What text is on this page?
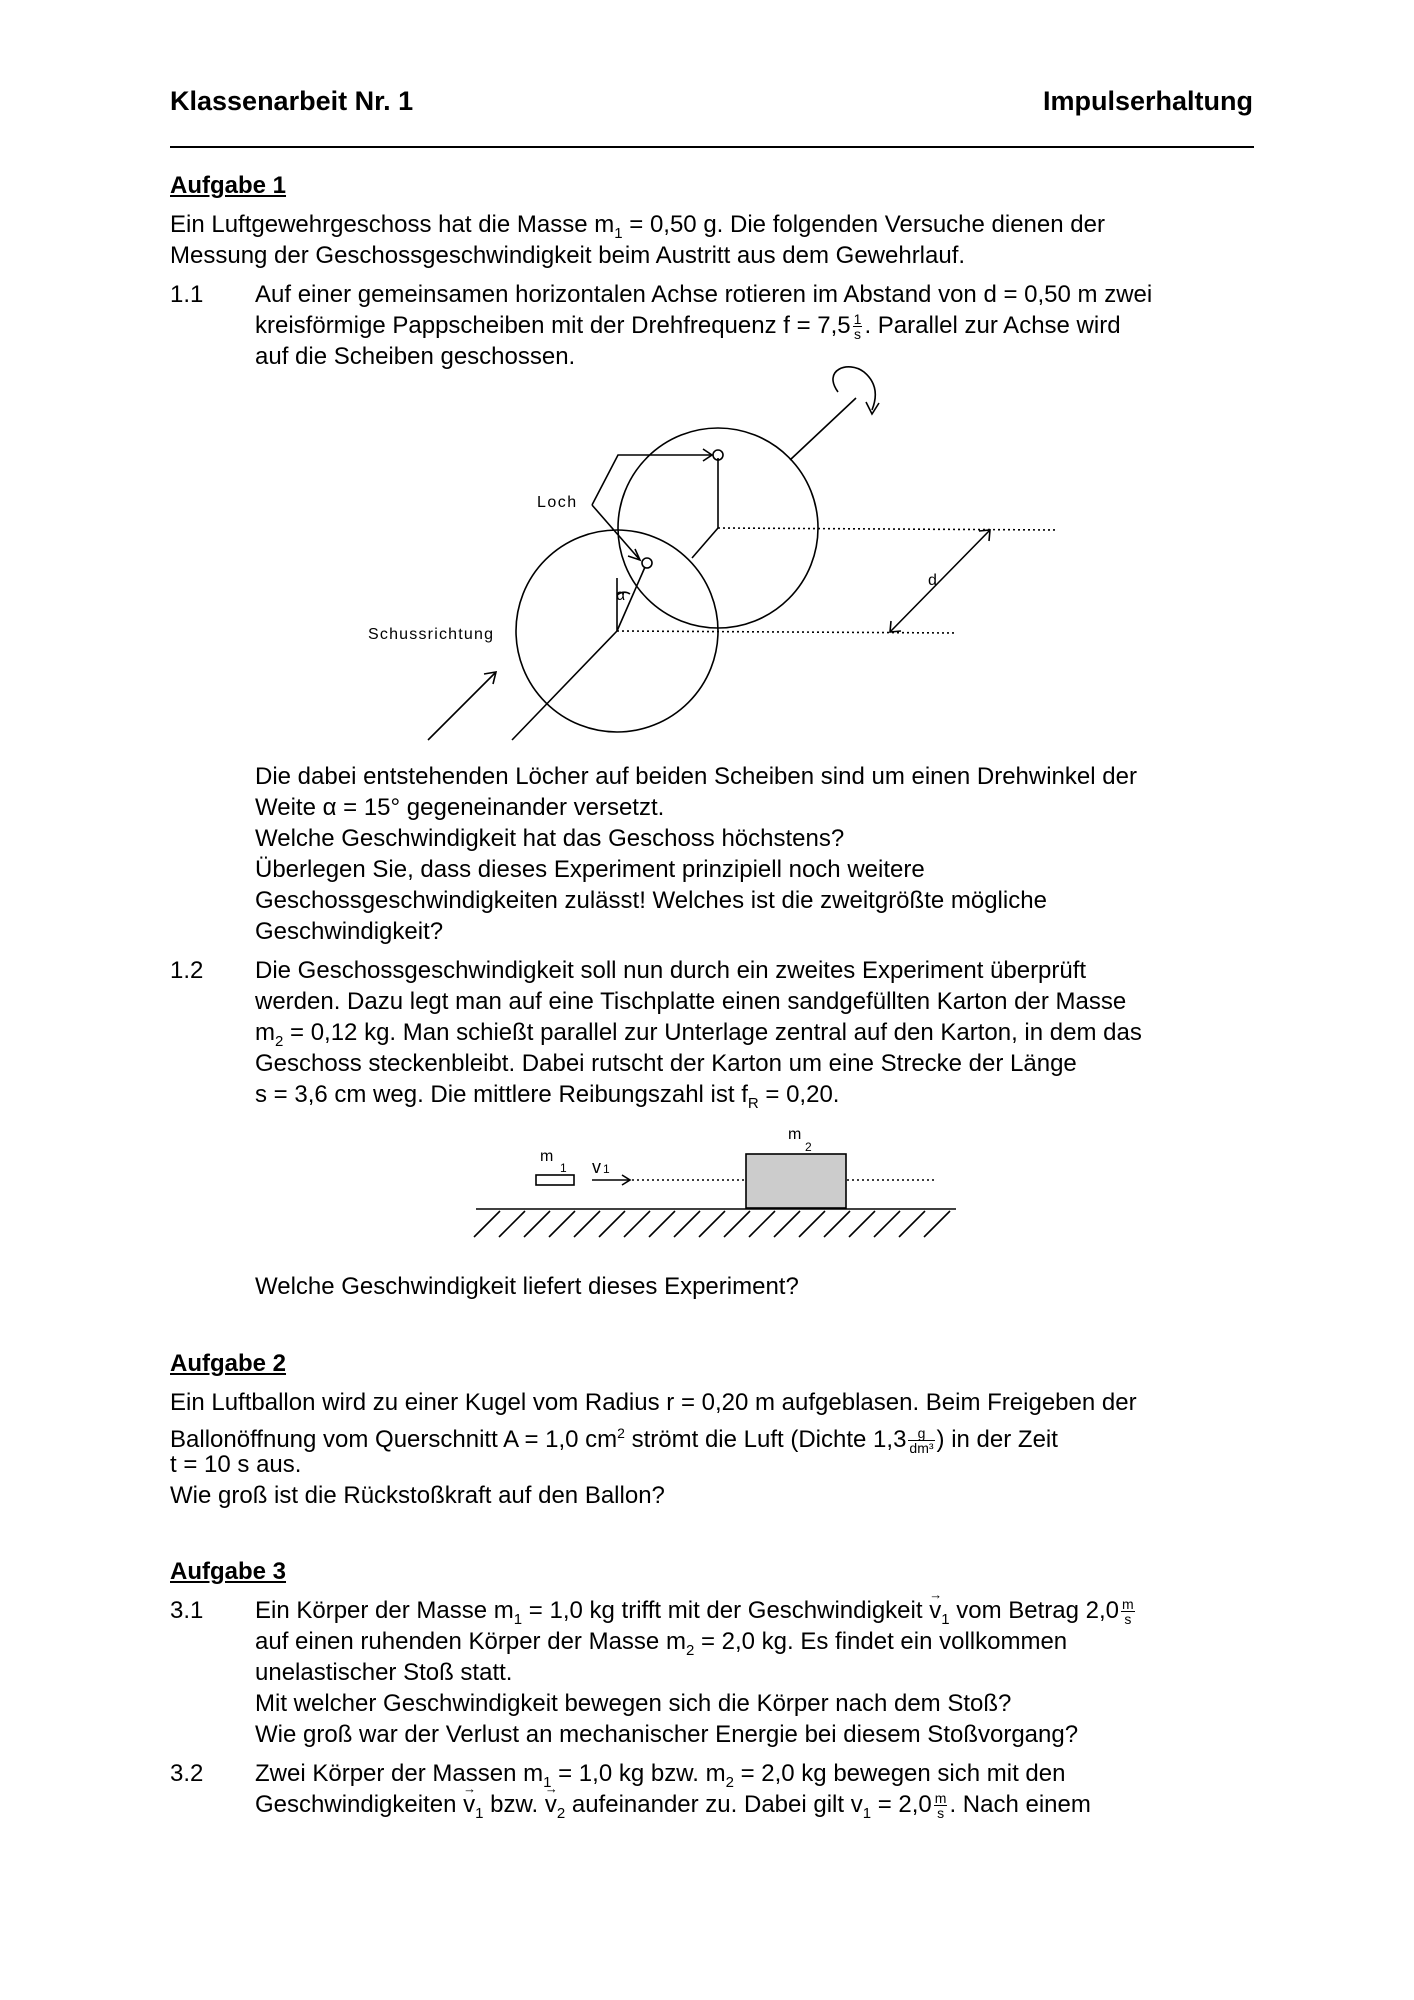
Klassenarbeit Nr. 1	Impulserhaltung
Aufgabe 1
Ein Luftgewehrgeschoss hat die Masse $m_1 = 0,50$ g. Die folgenden Versuche dienen der
Messung der Geschossgeschwindigkeit beim Austritt aus dem Gewehrlauf.
1.1 Auf einer gemeinsamen horizontalen Achse rotieren im Abstand von d = 0,50 m zwei
kreisförmige Pappscheiben mit der Drehfrequenz $f = 7,5 \frac{1}{s}$ . Parallel zur Achse wird
auf die Scheiben geschossen.
Loch
Schussrichtung
d
α
Die dabei entstehenden Löcher auf beiden Scheiben sind um einen Drehwinkel der
Weite α = 15° gegeneinander versetzt.
Welche Geschwindigkeit hat das Geschoss höchstens?
Überlegen Sie, dass dieses Experiment prinzipiell noch weitere
Geschossgeschwindigkeiten zulässt! Welches ist die zweitgrößte mögliche
Geschwindigkeit?
1.2 Die Geschossgeschwindigkeit soll nun durch ein zweites Experiment überprüft
werden. Dazu legt man auf eine Tischplatte einen sandgefüllten Karton der Masse
$m_2 = 0,12$ kg. Man schießt parallel zur Unterlage zentral auf den Karton, in dem das
Geschoss steckenbleibt. Dabei rutscht der Karton um eine Strecke der Länge
s = 3,6 cm weg. Die mittlere Reibungszahl ist $f_R = 0,20$.
m
1 v 1
m
2
Welche Geschwindigkeit liefert dieses Experiment?
Aufgabe 2
Ein Luftballon wird zu einer Kugel vom Radius r = 0,20 m aufgeblasen. Beim Freigeben der
Ballonöffnung vom Querschnitt A = 1,0 $cm^2$ strömt die Luft (Dichte $1,3 \frac{g}{\text{dm³}}$ ) in der Zeit
t = 10 s aus.
Wie groß ist die Rückstoßkraft auf den Ballon?
Aufgabe 3
3.1 Ein Körper der Masse $m_1 = 1,0$ kg trifft mit der Geschwindigkeit → $v_1$ vom Betrag $2,0 \frac{m}{s}$
auf einen ruhenden Körper der Masse $m_2 = 2,0$ kg. Es findet ein vollkommen
unelastischer Stoß statt.
Mit welcher Geschwindigkeit bewegen sich die Körper nach dem Stoß?
Wie groß war der Verlust an mechanischer Energie bei diesem Stoßvorgang?
3.2 Zwei Körper der Massen $m_1 = 1,0$ kg bzw. $m_2 = 2,0$ kg bewegen sich mit den
Geschwindigkeiten → $v_1$ bzw. → $v_2$ aufeinander zu. Dabei gilt $v_1 = 2,0 \frac{m}{s}$ . Nach einem
